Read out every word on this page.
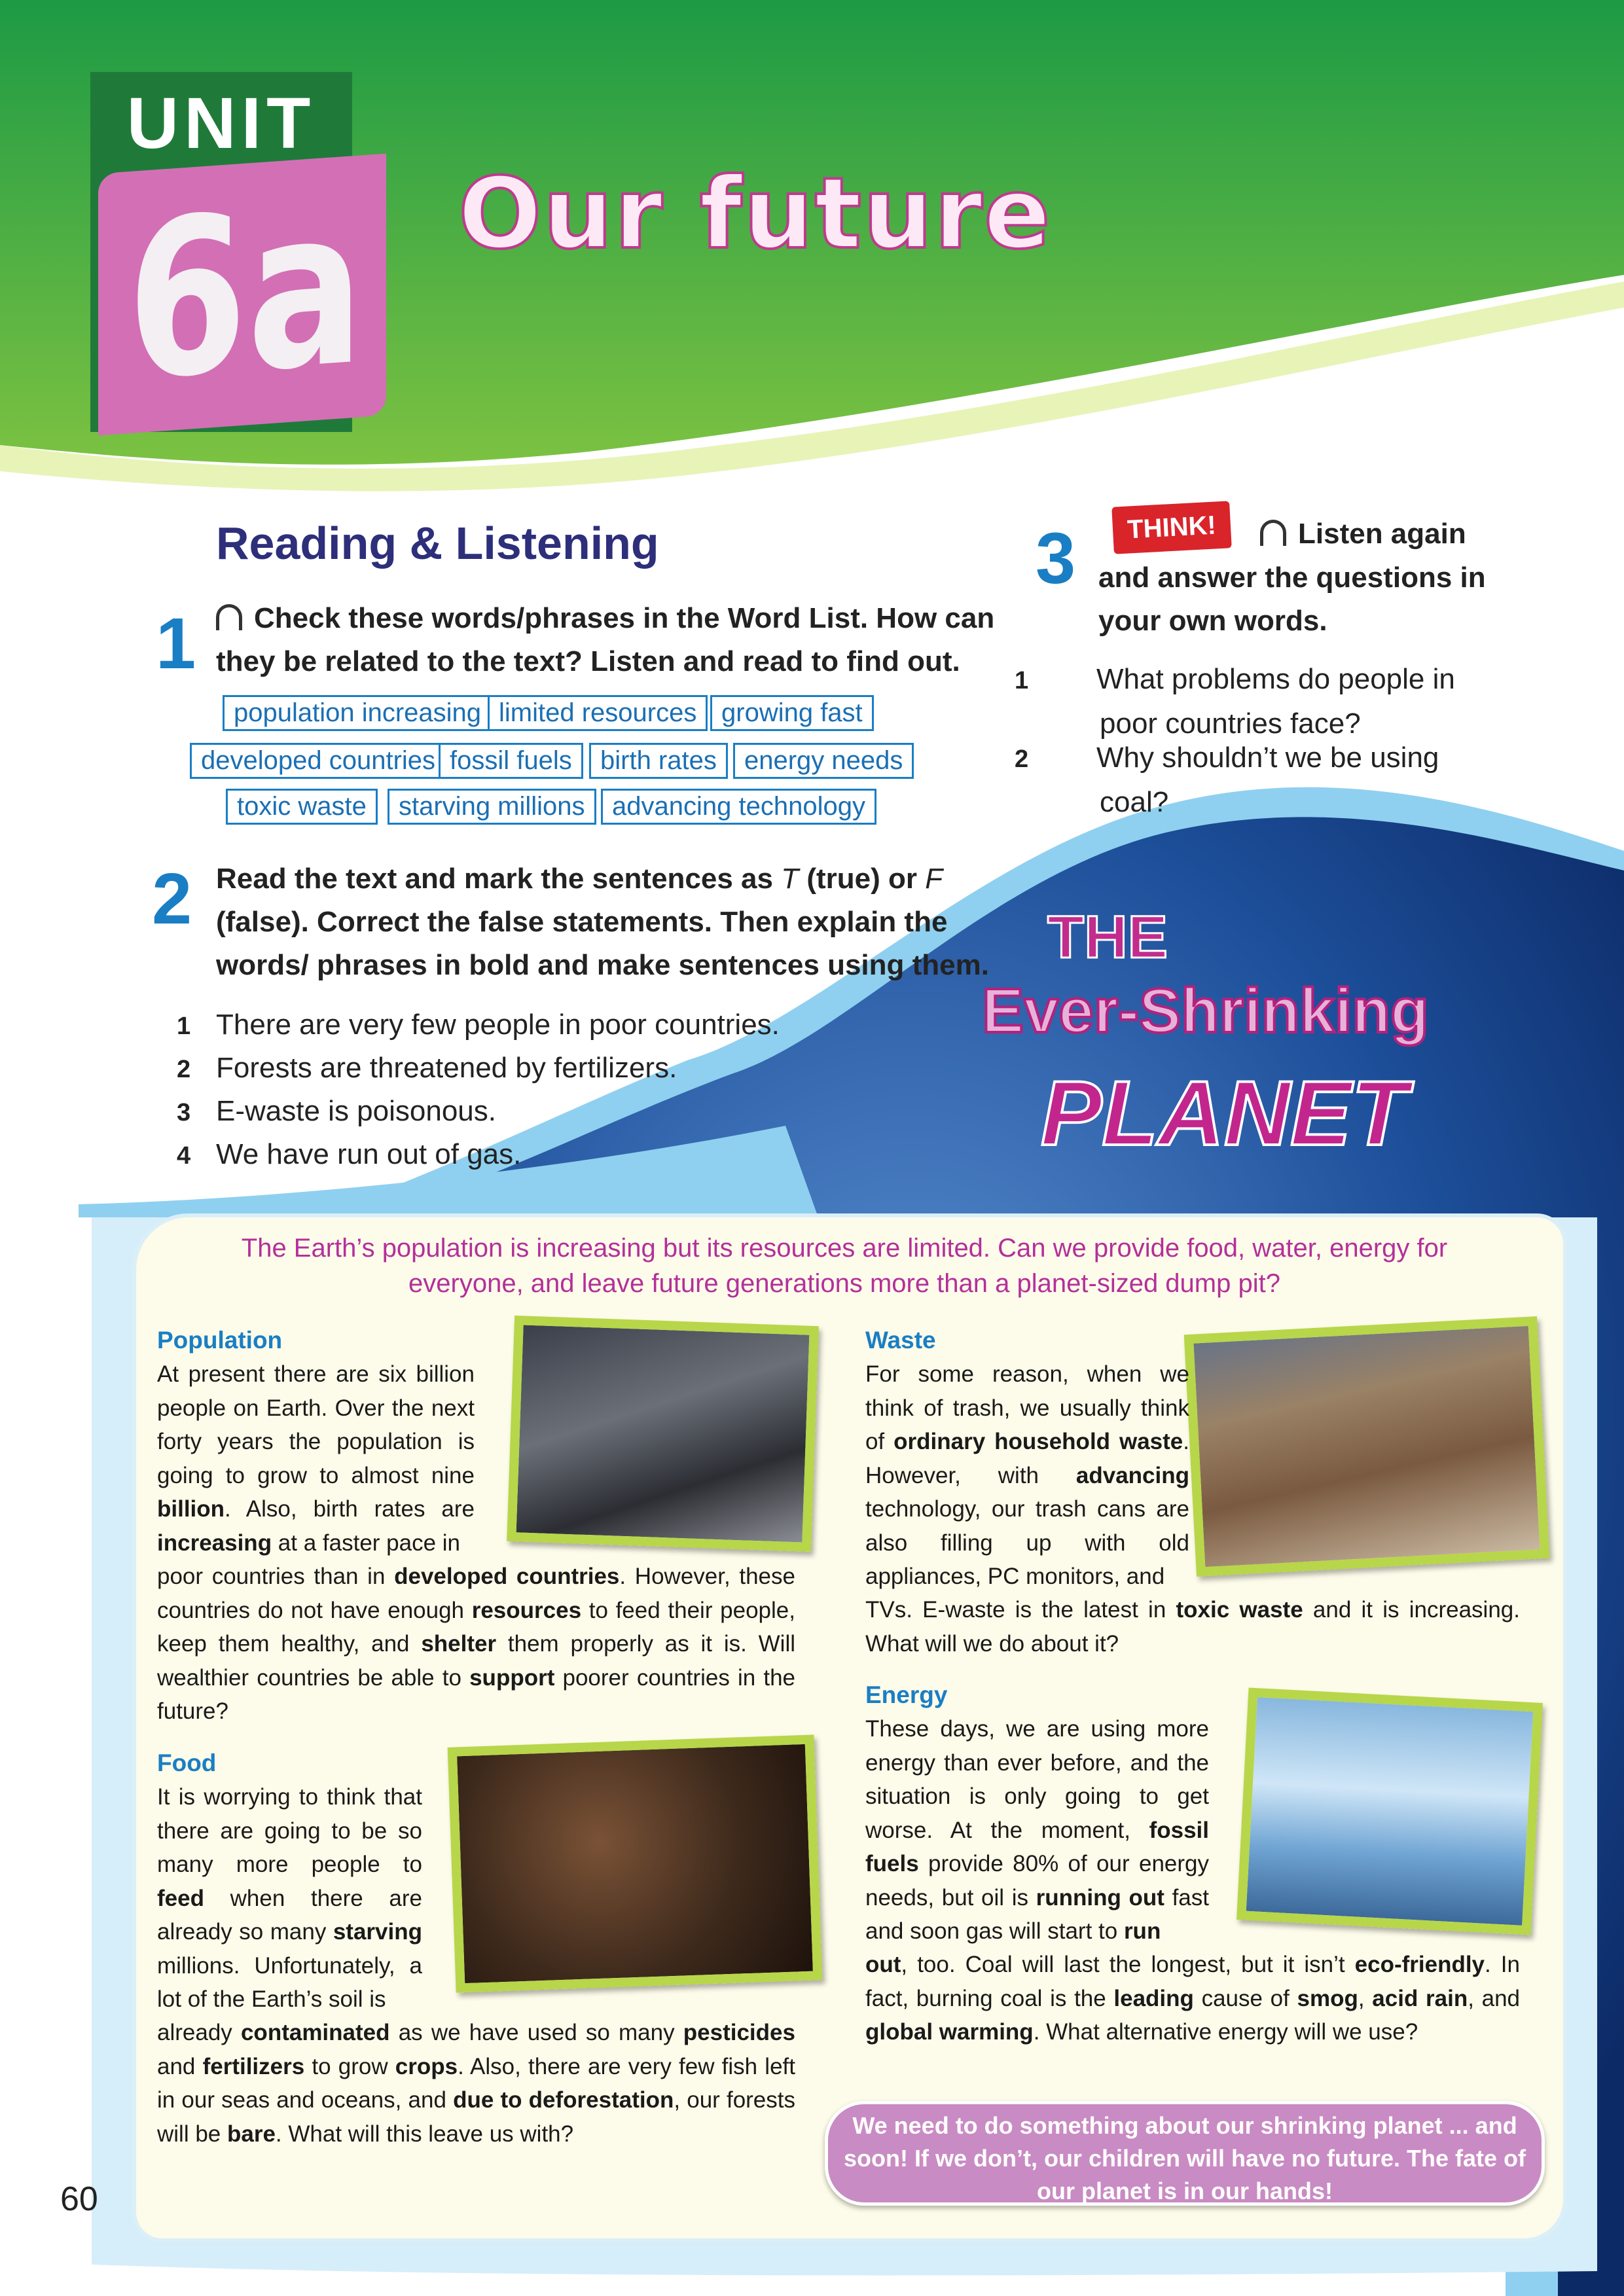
UNIT
6a Our future
Reading & Listening
1	Check these words/phrases in the Word List. How can they be related to the text? Listen and read to find out.
population increasing limited resources growing fast
developed countries fossil fuels	birth rates	energy needs
toxic waste	starving millions	advancing technology
2 Read the text and mark the sentences as T (true) or F (false). Correct the false statements. Then explain the words/ phrases in bold and make sentences using them.
1 There are very few people in poor countries.
2 Forests are threatened by fertilizers.
3 E-waste is poisonous.
4 We have run out of gas.
3	THINK!	Listen again
and answer the questions in your own words.
1 What problems do people in poor countries face?
2 Why shouldn’t we be using coal?
THE
Ever-Shrinking
PLANET
The Earth’s population is increasing but its resources are limited. Can we provide food, water, energy for everyone, and leave future generations more than a planet-sized dump pit?
Population
At present there are six billion people on Earth. Over the next forty years the population is going to grow to almost nine billion. Also, birth rates are increasing at a faster pace in
poor countries than in developed countries. However, these countries do not have enough resources to feed their people, keep them healthy, and shelter them properly as it is. Will wealthier countries be able to support poorer countries in the future?
Food
It is worrying to think that there are going to be so many more people to feed when there are already so many starving millions. Unfortunately, a lot of the Earth’s soil is
already contaminated as we have used so many pesticides and fertilizers to grow crops. Also, there are very few fish left in our seas and oceans, and due to deforestation, our forests will be bare. What will this leave us with?
Waste
For some reason, when we think of trash, we usually think of ordinary household waste. However, with advancing technology, our trash cans are also filling up with old appliances, PC monitors, and
TVs. E-waste is the latest in toxic waste and it is increasing. What will we do about it?
Energy
These days, we are using more energy than ever before, and the situation is only going to get worse. At the moment, fossil fuels provide 80% of our energy needs, but oil is running out fast and soon gas will start to run
out, too. Coal will last the longest, but it isn’t eco-friendly. In fact, burning coal is the leading cause of smog, acid rain, and global warming. What alternative energy will we use?
We need to do something about our shrinking planet ... and soon! If we don’t, our children will have no future. The fate of our planet is in our hands!
60
